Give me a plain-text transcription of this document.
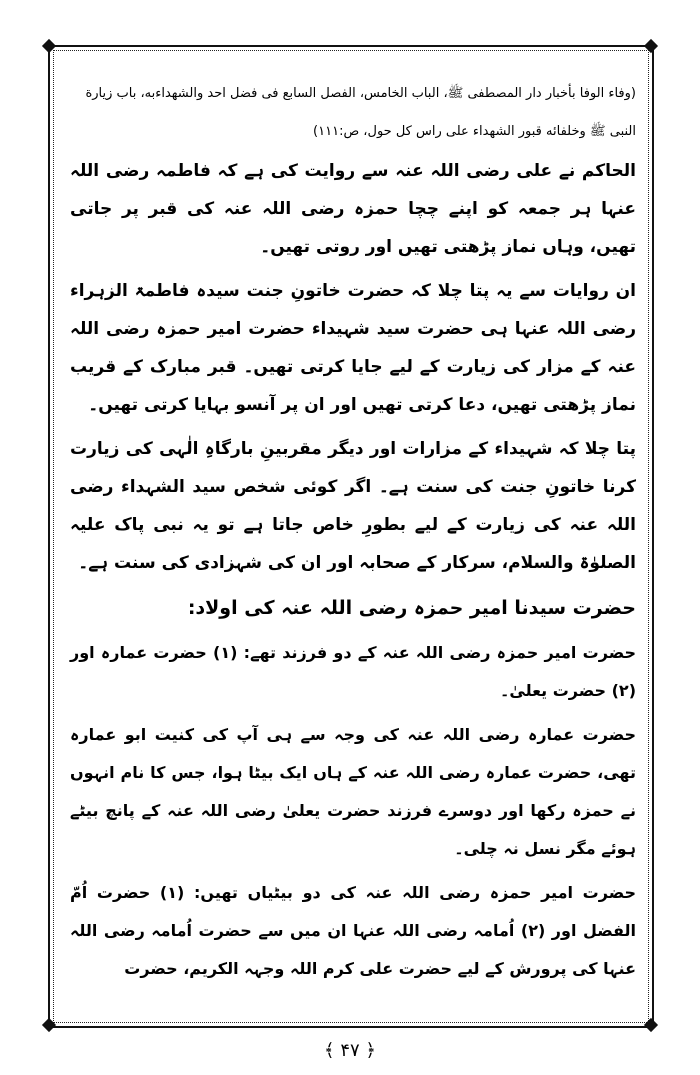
(وفاء الوفا بأخبار دار المصطفی ﷺ، الباب الخامس، الفصل السابع فی فضل احد والشهداءبه، باب زيارة

النبی ﷺ وخلفائه قبور الشهداء علی راس کل حول، ص:۱۱۱)

الحاکم نے علی رضی اللہ عنہ سے روایت کی ہے کہ فاطمہ رضی اللہ عنہا ہر جمعہ کو اپنے چچا حمزہ رضی اللہ عنہ کی قبر پر جاتی تھیں، وہاں نماز پڑھتی تھیں اور روتی تھیں۔

ان روایات سے یہ پتا چلا کہ حضرت خاتونِ جنت سیدہ فاطمۃ الزہراء رضی اللہ عنہا ہی حضرت سید شہیداء حضرت امیر حمزہ رضی اللہ عنہ کے مزار کی زیارت کے لیے جایا کرتی تھیں۔ قبر مبارک کے قریب نماز پڑھتی تھیں، دعا کرتی تھیں اور ان پر آنسو بہایا کرتی تھیں۔

پتا چلا کہ شہیداء کے مزارات اور دیگر مقربینِ بارگاہِ الٰہی کی زیارت کرنا خاتونِ جنت کی سنت ہے۔ اگر کوئی شخص سید الشہداء رضی اللہ عنہ کی زیارت کے لیے بطورِ خاص جاتا ہے تو یہ نبی پاک علیہ الصلوٰۃ والسلام، سرکار کے صحابہ اور ان کی شہزادی کی سنت ہے۔

حضرت سیدنا امیر حمزہ رضی اللہ عنہ کی اولاد:

حضرت امیر حمزہ رضی اللہ عنہ کے دو فرزند تھے: (۱) حضرت عمارہ اور (۲) حضرت یعلیٰ۔

حضرت عمارہ رضی اللہ عنہ کی وجہ سے ہی آپ کی کنیت ابو عمارہ تھی، حضرت عمارہ رضی اللہ عنہ کے ہاں ایک بیٹا ہوا، جس کا نام انہوں نے حمزہ رکھا اور دوسرے فرزند حضرت یعلیٰ رضی اللہ عنہ کے پانچ بیٹے ہوئے مگر نسل نہ چلی۔

حضرت امیر حمزہ رضی اللہ عنہ کی دو بیٹیاں تھیں: (۱) حضرت اُمّ الفضل اور (۲) اُمامہ رضی اللہ عنہا ان میں سے حضرت اُمامہ رضی اللہ عنہا کی پرورش کے لیے حضرت علی کرم اللہ وجہہ الکریم، حضرت

﴿ ۴۷ ﴾
